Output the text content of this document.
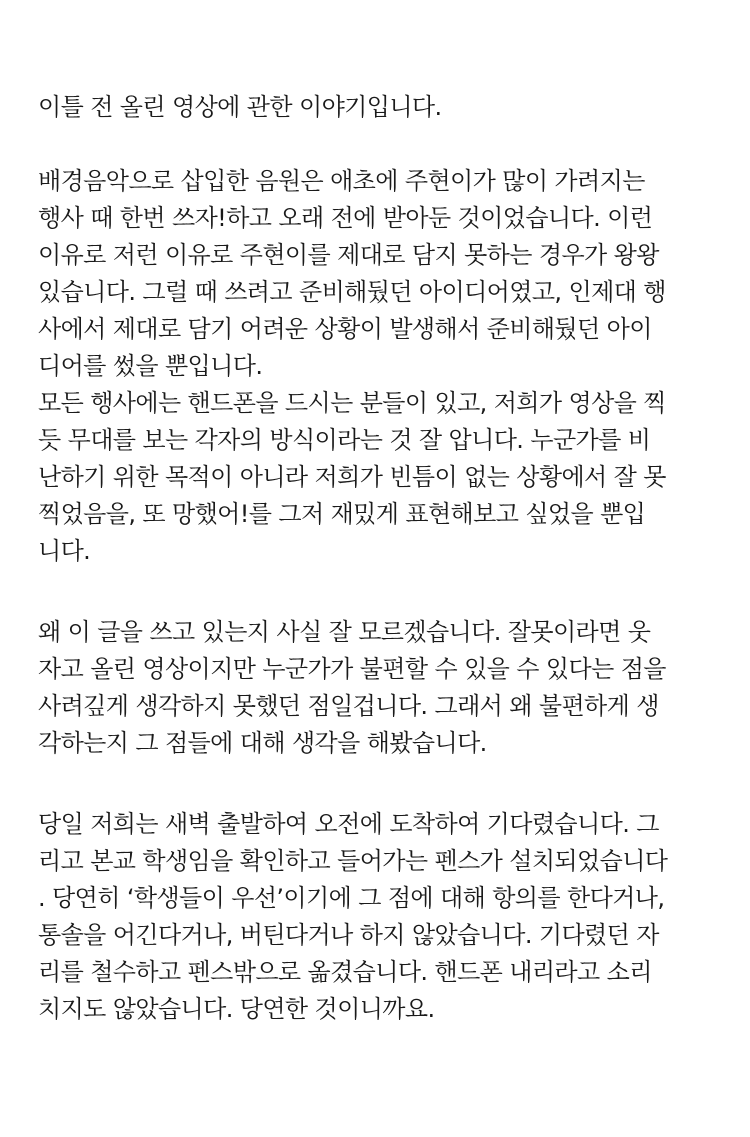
이틀 전 올린 영상에 관한 이야기입니다.

배경음악으로 삽입한 음원은 애초에 주현이가 많이 가려지는

행사 때 한번 쓰자!하고 오래 전에 받아둔 것이었습니다. 이런

이유로 저런 이유로 주현이를 제대로 담지 못하는 경우가 왕왕

있습니다. 그럴 때 쓰려고 준비해뒀던 아이디어였고, 인제대 행

사에서 제대로 담기 어려운 상황이 발생해서 준비해뒀던 아이

디어를 썼을 뿐입니다.

모든 행사에는 핸드폰을 드시는 분들이 있고, 저희가 영상을 찍

듯 무대를 보는 각자의 방식이라는 것 잘 압니다. 누군가를 비

난하기 위한 목적이 아니라 저희가 빈틈이 없는 상황에서 잘 못

찍었음을, 또 망했어!를 그저 재밌게 표현해보고 싶었을 뿐입

니다.

왜 이 글을 쓰고 있는지 사실 잘 모르겠습니다. 잘못이라면 웃

자고 올린 영상이지만 누군가가 불편할 수 있을 수 있다는 점을

사려깊게 생각하지 못했던 점일겁니다. 그래서 왜 불편하게 생

각하는지 그 점들에 대해 생각을 해봤습니다.

당일 저희는 새벽 출발하여 오전에 도착하여 기다렸습니다. 그

리고 본교 학생임을 확인하고 들어가는 펜스가 설치되었습니다

. 당연히 ‘학생들이 우선’이기에 그 점에 대해 항의를 한다거나,

통솔을 어긴다거나, 버틴다거나 하지 않았습니다. 기다렸던 자

리를 철수하고 펜스밖으로 옮겼습니다. 핸드폰 내리라고 소리

치지도 않았습니다. 당연한 것이니까요.
